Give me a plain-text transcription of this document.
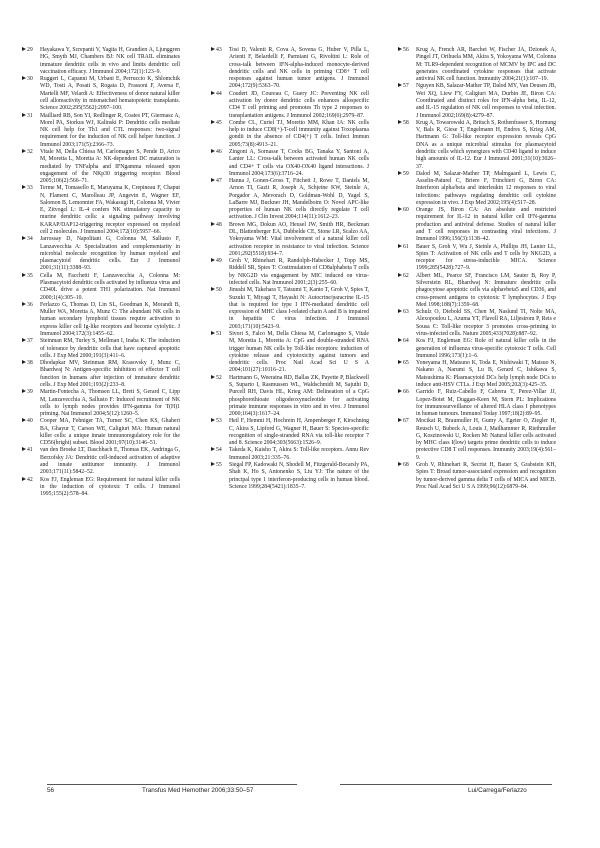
29	Hayakawa Y, Screpanti V, Yagita H, Grandien A, Ljunggren HG, Smyth MJ, Chambers BJ: NK cell TRAIL eliminates immature dendritic cells in vivo and limits dendritic cell vaccination efficacy. J Immunol 2004;172(1):123–9.
30	Ruggeri L, Capanni M, Urbani E, Perruccio K, Shlomchik WD, Tosti A, Posati S, Rogaia D, Frassoni F, Aversa F, Martelli MF, Velardi A: Effectiveness of donor natural killer cell alloreactivity in mismatched hematopoietic transplants. Science 2002;295(5562):2097–100.
31	Mailliard RB, Son YI, Redlinger R, Coates PT, Giermasz A, Morel PA, Storkus WJ, Kalinski P: Dendritic cells mediate NK cell help for Th1 and CTL responses: two-signal requirement for the induction of NK cell helper function. J Immunol 2003;171(5):2366–73.
32	Vitale M, Della Chiesa M, Carlomagno S, Pende D, Arico M, Moretta L, Moretta A: NK-dependent DC maturation is mediated by TNFalpha and IFNgamma released upon engagement of the NKp30 triggering receptor. Blood 2005;106(2):566–71.
33	Terme M, Tomasello E, Maruyama K, Crepineau F, Chaput N, Flament C, Marolleau JP, Angevin E, Wagner EF, Salomon B, Lemonnier FA, Wakasugi H, Colonna M, Vivier E, Zitvogel L: IL-4 confers NK stimulatory capacity to murine dendritic cells: a signaling pathway involving KARAP/DAP12-triggering receptor expressed on myeloid cell 2 molecules. J Immunol 2004;172(10):5957–66.
34	Jarrossay D, Napolitani G, Colonna M, Sallusto F, Lanzavecchia A: Specialization and complementarity in microbial molecule recognition by human myeloid and plasmacytoid dendritic cells. Eur J Immunol 2001;31(11):3388–93.
35	Cella M, Facchetti F, Lanzavecchia A, Colonna M: Plasmacytoid dendritic cells activated by influenza virus and CD40L drive a potent TH1 polarization. Nat Immunol 2000;1(4):305–10.
36	Ferlazzo G, Thomas D, Lin SL, Goodman K, Morandi B, Muller WA, Moretta A, Munz C: The abundant NK cells in human secondary lymphoid tissues require activation to express killer cell Ig-like receptors and become cytolytic. J Immunol 2004;172(3):1455–62.
37	Steinman RM, Turley S, Mellman I, Inaba K: The induction of tolerance by dendritic cells that have captured apoptotic cells. J Exp Med 2000;191(3):411–6.
38	Dhodapkar MV, Steinman RM, Krasovsky J, Munz C, Bhardwaj N: Antigen-specific inhibition of effector T cell function in humans after injection of immature dendritic cells. J Exp Med 2001;193(2):233–8.
39	Martin-Fontecha A, Thomsen LL, Brett S, Gerard C, Lipp M, Lanzavecchia A, Sallusto F: Induced recruitment of NK cells to lymph nodes provides IFN-gamma for T(H)1 priming. Nat Immunol 2004;5(12):1260–5.
40	Cooper MA, Fehniger TA, Turner SC, Chen KS, Ghaheri BA, Ghayur T, Carson WE, Caligiuri MA: Human natural killer cells: a unique innate immunoregulatory role for the CD56(bright) subset. Blood 2001;97(10):3146–51.
41	van den Broeke LT, Daschbach E, Thomas EK, Andringa G, Berzofsky JA: Dendritic cell-induced activation of adaptive and innate antitumor immunity. J Immunol 2003;171(11):5842–52.
42	Kos FJ, Engleman EG: Requirement for natural killer cells in the induction of cytotoxic T cells. J Immunol 1995;155(2):578–84.
43	Tosi D, Valenti R, Cova A, Sovena G, Huber V, Pilla L, Arienti F, Belardelli F, Parmiani G, Rivoltini L: Role of cross-talk between IFN-alpha-induced monocyte-derived dendritic cells and NK cells in priming CD8+ T cell responses against human tumor antigens. J Immunol 2004;172(9):5363–70.
44	Coudert JD, Coureau C, Guery JC: Preventing NK cell activation by donor dendritic cells enhances allospecific CD4 T cell priming and promotes Th type 2 responses to transplantation antigens. J Immunol 2002;169(6):2979–87.
45	Combe CL, Curiel TJ, Moretto MM, Khan IA: NK cells help to induce CD8(+)-T-cell immunity against Toxoplasma gondii in the absence of CD4(+) T cells. Infect Immun 2005;73(8):4913–21.
46	Zingoni A, Sornasse T, Cocks BG, Tanaka Y, Santoni A, Lanier LL: Cross-talk between activated human NK cells and CD4+ T cells via OX40-OX40 ligand interactions. J Immunol 2004;173(6):3716–24.
47	Hanna J, Gonen-Gross T, Fitchett J, Rowe T, Daniels M, Arnon TI, Gazit R, Joseph A, Schjetne KW, Steinle A, Porgador A, Mevorach D, Goldman-Wohl D, Yagel S, LaBarre MJ, Buckner JH, Mandelboim O: Novel APC-like properties of human NK cells directly regulate T cell activation. J Clin Invest 2004;114(11):1612–23.
48	Brown MG, Dokun AO, Heusel JW, Smith HR, Beckman DL, Blattenberger EA, Dubbelde CE, Stone LR, Scalzo AA, Yokoyama WM: Vital involvement of a natural killer cell activation receptor in resistance to viral infection. Science 2001;292(5518):934–7.
49	Groh V, Rhinehart R, Randolph-Habecker J, Topp MS, Riddell SR, Spies T: Costimulation of CD8alphabeta T cells by NKG2D via engagement by MIC induced on virus-infected cells. Nat Immunol 2001;2(3):255–60.
50	Jinushi M, Takehara T, Tatsumi T, Kanto T, Groh V, Spies T, Suzuki T, Miyagi T, Hayashi N: Autocrine/paracrine IL-15 that is required for type I IFN-mediated dendritic cell expression of MHC class I-related chain A and B is impaired in hepatitis C virus infection. J Immunol 2003;171(10):5423–9.
51	Sivori S, Falco M, Della Chiesa M, Carlomagno S, Vitale M, Moretta L, Moretta A: CpG and double-stranded RNA trigger human NK cells by Toll-like receptors: induction of cytokine release and cytotoxicity against tumors and dendritic cells. Proc Natl Acad Sci U S A 2004;101(27):10116–21.
52	Hartmann G, Weeratna RD, Ballas ZK, Payette P, Blackwell S, Suparto I, Rasmussen WL, Waldschmidt M, Sajuthi D, Purcell RH, Davis HL, Krieg AM: Delineation of a CpG phosphorothioate oligodeoxynucleotide for activating primate immune responses in vitro and in vivo. J Immunol 2000;164(3):1617–24.
53	Heil F, Hemmi H, Hochrein H, Ampenberger F, Kirschning C, Akira S, Lipford G, Wagner H, Bauer S: Species-specific recognition of single-stranded RNA via toll-like receptor 7 and 8. Science 2004;303(5663):1526–9.
54	Takeda K, Kaisho T, Akira S: Toll-like receptors. Annu Rev Immunol 2003;21:335–76.
55	Siegal FP, Kadowaki N, Shodell M, Fitzgerald-Bocarsly PA, Shah K, Ho S, Antonenko S, Liu YJ: The nature of the principal type 1 interferon-producing cells in human blood. Science 1999;284(5421):1835–7.
56	Krug A, French AR, Barchet W, Fischer JA, Dzionek A, Pingel JT, Orihuela MM, Akira S, Yokoyama WM, Colonna M: TLR9-dependent recognition of MCMV by IPC and DC generates coordinated cytokine responses that activate antiviral NK cell function. Immunity 2004;21(1):107–19.
57	Nguyen KB, Salazar-Mather TP, Dalod MY, Van Deusen JB, Wei XQ, Liew FY, Caligiuri MA, Durbin JE, Biron CA: Coordinated and distinct roles for IFN-alpha beta, IL-12, and IL-15 regulation of NK cell responses to viral infection. J Immunol 2002;169(8):4279–87.
58	Krug A, Towarowski A, Britsch S, Rothenfusser S, Hornung V, Bals R, Giese T, Engelmann H, Endres S, Krieg AM, Hartmann G: Toll-like receptor expression reveals CpG DNA as a unique microbial stimulus for plasmacytoid dendritic cells which synergizes with CD40 ligand to induce high amounts of IL-12. Eur J Immunol 2001;31(10):3026–37.
59	Dalod M, Salazar-Mather TP, Malmgaard L, Lewis C, Asselin-Paturel C, Briere F, Trinchieri G, Biron CA: Interferon alpha/beta and interleukin 12 responses to viral infections: pathways regulating dendritic cell cytokine expression in vivo. J Exp Med 2002;195(4):517–28.
60	Orange JS, Biron CA: An absolute and restricted requirement for IL-12 in natural killer cell IFN-gamma production and antiviral defense. Studies of natural killer and T cell responses in contrasting viral infections. J Immunol 1996;156(3):1138–42.
61	Bauer S, Groh V, Wu J, Steinle A, Phillips JH, Lanier LL, Spies T: Activation of NK cells and T cells by NKG2D, a receptor for stress-inducible MICA. Science 1999;285(5428):727–9.
62	Albert ML, Pearce SF, Francisco LM, Sauter B, Roy P, Silverstein RL, Bhardwaj N: Immature dendritic cells phagocytose apoptotic cells via alphavbeta5 and CD36, and cross-present antigens to cytotoxic T lymphocytes. J Exp Med 1998;188(7):1359–68.
63	Schulz O, Diebold SS, Chen M, Naslund TI, Nolte MA, Alexopoulou L, Azuma YT, Flavell RA, Liljestrom P, Reis e Sousa C: Toll-like receptor 3 promotes cross-priming to virus-infected cells. Nature 2005;433(7028):887–92.
64	Kos FJ, Engleman EG: Role of natural killer cells in the generation of influenza virus-specific cytotoxic T cells. Cell Immunol 1996;173(1):1–6.
65	Yoneyama H, Matsuno K, Toda E, Nishiwaki T, Matsuo N, Nakano A, Narumi S, Lu B, Gerard C, Ishikawa S, Matsushima K: Plasmacytoid DCs help lymph node DCs to induce anti-HSV CTLs. J Exp Med 2005;202(3):425–35.
66	Garrido F, Ruiz-Cabello F, Cabrera T, Perez-Villar JJ, Lopez-Botet M, Duggan-Keen M, Stern PL: Implications for immunosurveillance of altered HLA class I phenotypes in human tumours. Immunol Today 1997;18(2):89–95.
67	Mocikat R, Braumuller H, Gumy A, Egeter O, Ziegler H, Reusch U, Bubeck A, Louis J, Mailhammer R, Riethmuller G, Koszinowski U, Rocken M: Natural killer cells activated by MHC class I(low) targets prime dendritic cells to induce protective CD8 T cell responses. Immunity 2003;19(4):561–9.
68	Groh V, Rhinehart R, Secrist H, Bauer S, Grabstein KH, Spies T: Broad tumor-associated expression and recognition by tumor-derived gamma delta T cells of MICA and MICB. Proc Natl Acad Sci U S A 1999;96(12):6879–84.
56	Transfus Med Hemother 2006;33:50–57	Lui/Carrega/Ferlazzo
